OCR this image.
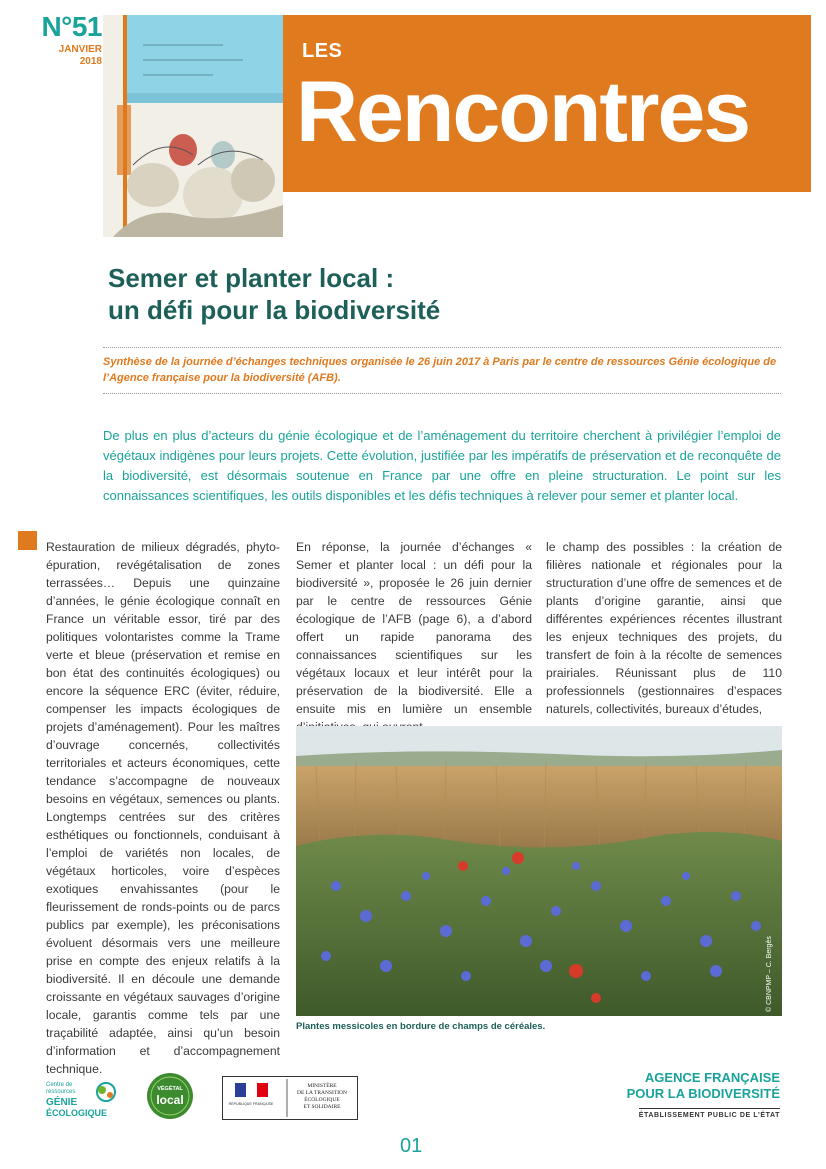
N°51
JANVIER
2018	LES
Rencontres
Semer et planter local :
un défi pour la biodiversité
Synthèse de la journée d’échanges techniques organisée le 26 juin 2017 à Paris par le centre de ressources Génie écologique de l’Agence française pour la biodiversité (AFB).
De plus en plus d’acteurs du génie écologique et de l’aménagement du territoire cherchent à privilégier l’emploi de végétaux indigènes pour leurs projets. Cette évolution, justifiée par les impératifs de préservation et de reconquête de la biodiversité, est désormais soutenue en France par une offre en pleine structuration. Le point sur les connaissances scientifiques, les outils disponibles et les défis techniques à relever pour semer et planter local.
Restauration de milieux dégradés, phyto-épuration, revégétalisation de zones terrassées… Depuis une quinzaine d’années, le génie écologique connaît en France un véritable essor, tiré par des politiques volontaristes comme la Trame verte et bleue (préservation et remise en bon état des continuités écologiques) ou encore la séquence ERC (éviter, réduire, compenser les impacts écologiques de projets d’aménagement). Pour les maîtres d’ouvrage concernés, collectivités territoriales et acteurs économiques, cette tendance s’accompagne de nouveaux besoins en végétaux, semences ou plants. Longtemps centrées sur des critères esthétiques ou fonctionnels, conduisant à l’emploi de variétés non locales, de végétaux horticoles, voire d’espèces exotiques envahissantes (pour le fleurissement de ronds-points ou de parcs publics par exemple), les préconisations évoluent désormais vers une meilleure prise en compte des enjeux relatifs à la biodiversité. Il en découle une demande croissante en végétaux sauvages d’origine locale, garantis comme tels par une traçabilité adaptée, ainsi qu’un besoin d’information et d’accompagnement technique.
En réponse, la journée d’échanges « Semer et planter local : un défi pour la biodiversité », proposée le 26 juin dernier par le centre de ressources Génie écologique de l’AFB (page 6), a d’abord offert un rapide panorama des connaissances scientifiques sur les végétaux locaux et leur intérêt pour la préservation de la biodiversité. Elle a ensuite mis en lumière un ensemble
le champ des possibles : la création de filières nationale et régionales pour la structuration d’une offre de semences et de plants d’origine garantie, ainsi que différentes expériences récentes illustrant les enjeux techniques des projets, du transfert de foin à la récolte de semences prairiales. Réunissant plus de 110 professionnels (gestionnaires d’espaces naturels, collectivités, bureaux d’études,
© CBNPMP – C. Bergès
Plantes messicoles en bordure de champs de céréales.
Centre de
ressources
GÉNIE
ÉCOLOGIQUE
VÉGÉTAL
local	RÉPUBLIQUE FRANÇAISE
MINISTÈRE
DE LA TRANSITION
ÉCOLOGIQUE
ET SOLIDAIRE
AGENCE FRANÇAISE
POUR LA BIODIVERSITÉ
ÉTABLISSEMENT PUBLIC DE L’ÉTAT
01
